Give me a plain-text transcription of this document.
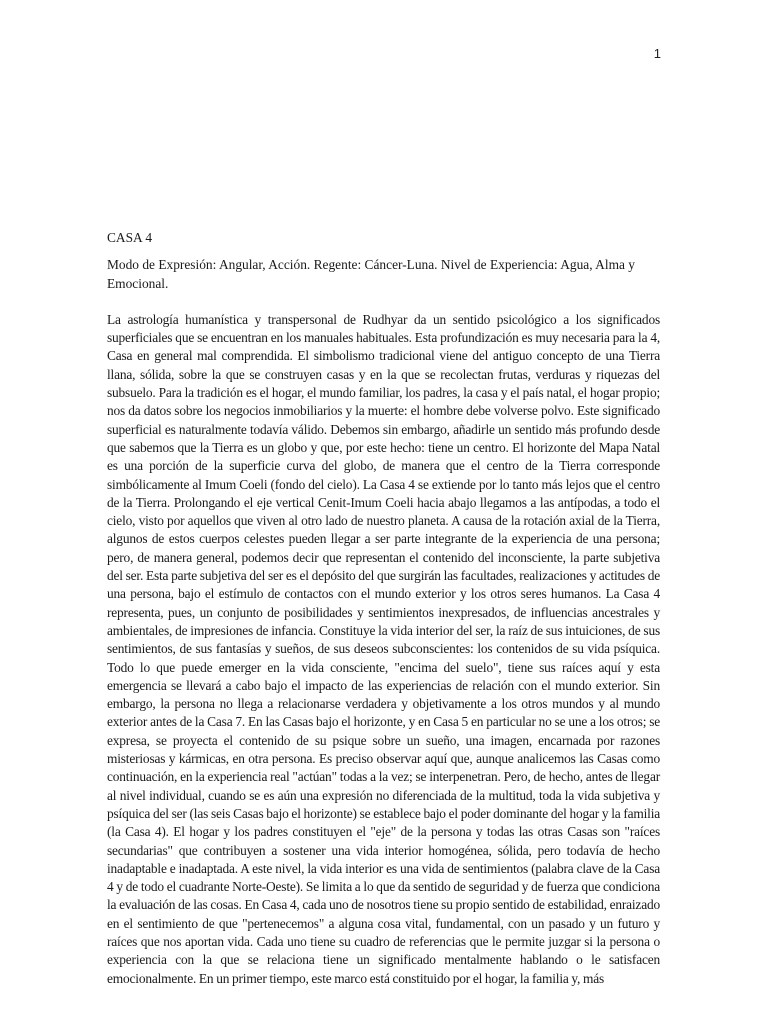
1

CASA 4

Modo de Expresión: Angular, Acción. Regente: Cáncer-Luna. Nivel de Experiencia: Agua, Alma y Emocional.

La astrología humanística y transpersonal de Rudhyar da un sentido psicológico a los significados superficiales que se encuentran en los manuales habituales. Esta profundización es muy necesaria para la 4, Casa en general mal comprendida. El simbolismo tradicional viene del antiguo concepto de una Tierra llana, sólida, sobre la que se construyen casas y en la que se recolectan frutas, verduras y riquezas del subsuelo. Para la tradición es el hogar, el mundo familiar, los padres, la casa y el país natal, el hogar propio; nos da datos sobre los negocios inmobiliarios y la muerte: el hombre debe volverse polvo. Este significado superficial es naturalmente todavía válido. Debemos sin embargo, añadirle un sentido más profundo desde que sabemos que la Tierra es un globo y que, por este hecho: tiene un centro. El horizonte del Mapa Natal es una porción de la superficie curva del globo, de manera que el centro de la Tierra corresponde simbólicamente al Imum Coeli (fondo del cielo). La Casa 4 se extiende por lo tanto más lejos que el centro de la Tierra. Prolongando el eje vertical Cenit-Imum Coeli hacia abajo llegamos a las antípodas, a todo el cielo, visto por aquellos que viven al otro lado de nuestro planeta. A causa de la rotación axial de la Tierra, algunos de estos cuerpos celestes pueden llegar a ser parte integrante de la experiencia de una persona; pero, de manera general, podemos decir que representan el contenido del inconsciente, la parte subjetiva del ser. Esta parte subjetiva del ser es el depósito del que surgirán las facultades, realizaciones y actitudes de una persona, bajo el estímulo de contactos con el mundo exterior y los otros seres humanos. La Casa 4 representa, pues, un conjunto de posibilidades y sentimientos inexpresados, de influencias ancestrales y ambientales, de impresiones de infancia. Constituye la vida interior del ser, la raíz de sus intuiciones, de sus sentimientos, de sus fantasías y sueños, de sus deseos subconscientes: los contenidos de su vida psíquica. Todo lo que puede emerger en la vida consciente, "encima del suelo", tiene sus raíces aquí y esta emergencia se llevará a cabo bajo el impacto de las experiencias de relación con el mundo exterior. Sin embargo, la persona no llega a relacionarse verdadera y objetivamente a los otros mundos y al mundo exterior antes de la Casa 7. En las Casas bajo el horizonte, y en Casa 5 en particular no se une a los otros; se expresa, se proyecta el contenido de su psique sobre un sueño, una imagen, encarnada por razones misteriosas y kármicas, en otra persona. Es preciso observar aquí que, aunque analicemos las Casas como continuación, en la experiencia real "actúan" todas a la vez; se interpenetran. Pero, de hecho, antes de llegar al nivel individual, cuando se es aún una expresión no diferenciada de la multitud, toda la vida subjetiva y psíquica del ser (las seis Casas bajo el horizonte) se establece bajo el poder dominante del hogar y la familia (la Casa 4). El hogar y los padres constituyen el "eje" de la persona y todas las otras Casas son "raíces secundarias" que contribuyen a sostener una vida interior homogénea, sólida, pero todavía de hecho inadaptable e inadaptada. A este nivel, la vida interior es una vida de sentimientos (palabra clave de la Casa 4 y de todo el cuadrante Norte-Oeste). Se limita a lo que da sentido de seguridad y de fuerza que condiciona la evaluación de las cosas. En Casa 4, cada uno de nosotros tiene su propio sentido de estabilidad, enraizado en el sentimiento de que "pertenecemos" a alguna cosa vital, fundamental, con un pasado y un futuro y raíces que nos aportan vida. Cada uno tiene su cuadro de referencias que le permite juzgar si la persona o experiencia con la que se relaciona tiene un significado mentalmente hablando o le satisfacen emocionalmente. En un primer tiempo, este marco está constituido por el hogar, la familia y, más
